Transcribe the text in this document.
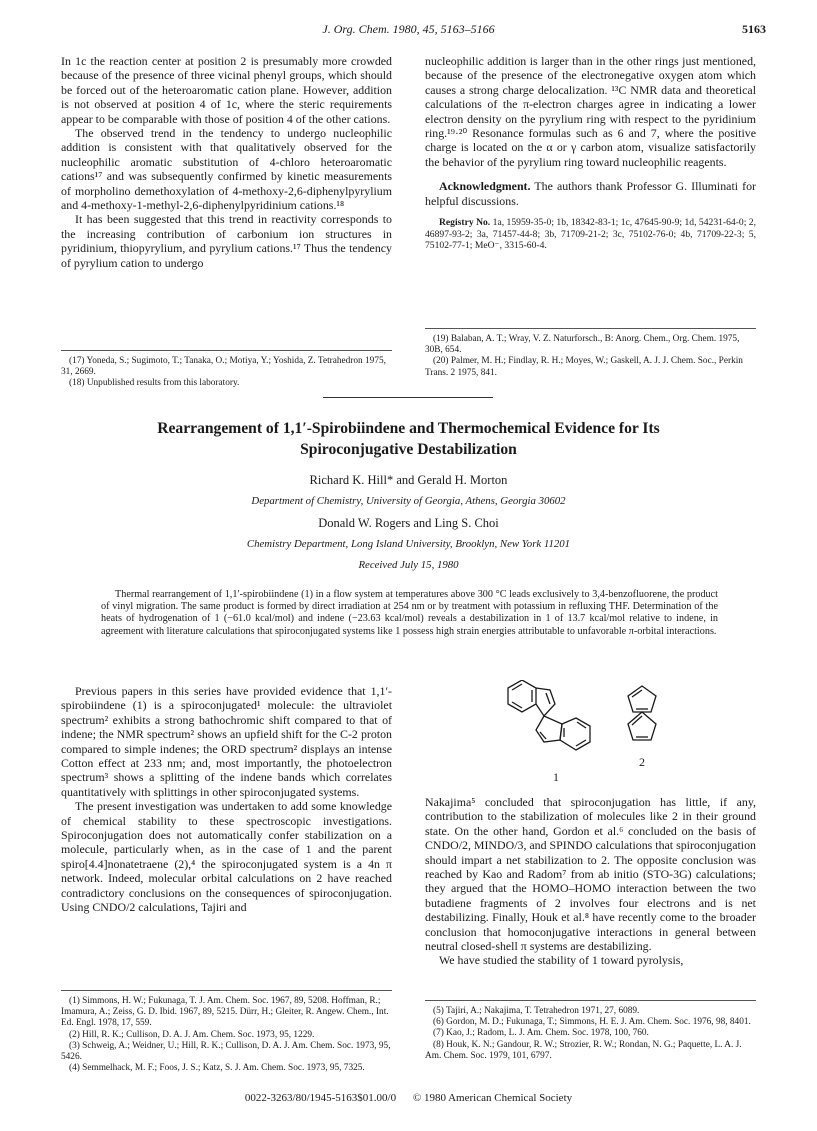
J. Org. Chem. 1980, 45, 5163–5166	5163

In 1c the reaction center at position 2 is presumably more crowded because of the presence of three vicinal phenyl groups, which should be forced out of the heteroaromatic cation plane. However, addition is not observed at position 4 of 1c, where the steric requirements appear to be comparable with those of position 4 of the other cations.

The observed trend in the tendency to undergo nucleophilic addition is consistent with that qualitatively observed for the nucleophilic aromatic substitution of 4-chloro heteroaromatic cations¹⁷ and was subsequently confirmed by kinetic measurements of morpholino demethoxylation of 4-methoxy-2,6-diphenylpyrylium and 4-methoxy-1-methyl-2,6-diphenylpyridinium cations.¹⁸

It has been suggested that this trend in reactivity corresponds to the increasing contribution of carbonium ion structures in pyridinium, thiopyrylium, and pyrylium cations.¹⁷ Thus the tendency of pyrylium cation to undergo

(17) Yoneda, S.; Sugimoto, T.; Tanaka, O.; Motiya, Y.; Yoshida, Z. Tetrahedron 1975, 31, 2669.
(18) Unpublished results from this laboratory.

nucleophilic addition is larger than in the other rings just mentioned, because of the presence of the electronegative oxygen atom which causes a strong charge delocalization. ¹³C NMR data and theoretical calculations of the π-electron charges agree in indicating a lower electron density on the pyrylium ring with respect to the pyridinium ring.¹⁹·²⁰ Resonance formulas such as 6 and 7, where the positive charge is located on the α or γ carbon atom, visualize satisfactorily the behavior of the pyrylium ring toward nucleophilic reagents.

Acknowledgment. The authors thank Professor G. Illuminati for helpful discussions.
Registry No. 1a, 15959-35-0; 1b, 18342-83-1; 1c, 47645-90-9; 1d, 54231-64-0; 2, 46897-93-2; 3a, 71457-44-8; 3b, 71709-21-2; 3c, 75102-76-0; 4b, 71709-22-3; 5, 75102-77-1; MeO⁻, 3315-60-4.
(19) Balaban, A. T.; Wray, V. Z. Naturforsch., B: Anorg. Chem., Org. Chem. 1975, 30B, 654.
(20) Palmer, M. H.; Findlay, R. H.; Moyes, W.; Gaskell, A. J. J. Chem. Soc., Perkin Trans. 2 1975, 841.
Rearrangement of 1,1′-Spirobiindene and Thermochemical Evidence for Its
Spiroconjugative Destabilization
Richard K. Hill* and Gerald H. Morton
Department of Chemistry, University of Georgia, Athens, Georgia 30602
Donald W. Rogers and Ling S. Choi
Chemistry Department, Long Island University, Brooklyn, New York 11201
Received July 15, 1980
Thermal rearrangement of 1,1′-spirobiindene (1) in a flow system at temperatures above 300 °C leads exclusively to 3,4-benzofluorene, the product of vinyl migration. The same product is formed by direct irradiation at 254 nm or by treatment with potassium in refluxing THF. Determination of the heats of hydrogenation of 1 (−61.0 kcal/mol) and indene (−23.63 kcal/mol) reveals a destabilization in 1 of 13.7 kcal/mol relative to indene, in agreement with literature calculations that spiroconjugated systems like 1 possess high strain energies attributable to unfavorable π-orbital interactions.

Previous papers in this series have provided evidence that 1,1′-spirobiindene (1) is a spiroconjugated¹ molecule: the ultraviolet spectrum² exhibits a strong bathochromic shift compared to that of indene; the NMR spectrum² shows an upfield shift for the C-2 proton compared to simple indenes; the ORD spectrum² displays an intense Cotton effect at 233 nm; and, most importantly, the photoelectron spectrum³ shows a splitting of the indene bands which correlates quantitatively with splittings in other spiroconjugated systems.

The present investigation was undertaken to add some knowledge of chemical stability to these spectroscopic investigations. Spiroconjugation does not automatically confer stabilization on a molecule, particularly when, as in the case of 1 and the parent spiro[4.4]nonatetraene (2),⁴ the spiroconjugated system is a 4n π network. Indeed, molecular orbital calculations on 2 have reached contradictory conclusions on the consequences of spiroconjugation. Using CNDO/2 calculations, Tajiri and

(1) Simmons, H. W.; Fukunaga, T. J. Am. Chem. Soc. 1967, 89, 5208. Hoffman, R.; Imamura, A.; Zeiss, G. D. Ibid. 1967, 89, 5215. Dürr, H.; Gleiter, R. Angew. Chem., Int. Ed. Engl. 1978, 17, 559.
(2) Hill, R. K.; Cullison, D. A. J. Am. Chem. Soc. 1973, 95, 1229.
(3) Schweig, A.; Weidner, U.; Hill, R. K.; Cullison, D. A. J. Am. Chem. Soc. 1973, 95, 5426.
(4) Semmelhack, M. F.; Foos, J. S.; Katz, S. J. Am. Chem. Soc. 1973, 95, 7325.
1
2

Nakajima⁵ concluded that spiroconjugation has little, if any, contribution to the stabilization of molecules like 2 in their ground state. On the other hand, Gordon et al.⁶ concluded on the basis of CNDO/2, MINDO/3, and SPINDO calculations that spiroconjugation should impart a net stabilization to 2. The opposite conclusion was reached by Kao and Radom⁷ from ab initio (STO-3G) calculations; they argued that the HOMO–HOMO interaction between the two butadiene fragments of 2 involves four electrons and is net destabilizing. Finally, Houk et al.⁸ have recently come to the broader conclusion that homoconjugative interactions in general between neutral closed-shell π systems are destabilizing.

We have studied the stability of 1 toward pyrolysis,

(5) Tajiri, A.; Nakajima, T. Tetrahedron 1971, 27, 6089.
(6) Gordon, M. D.; Fukunaga, T.; Simmons, H. E. J. Am. Chem. Soc. 1976, 98, 8401.
(7) Kao, J.; Radom, L. J. Am. Chem. Soc. 1978, 100, 760.
(8) Houk, K. N.; Gandour, R. W.; Strozier, R. W.; Rondan, N. G.; Paquette, L. A. J. Am. Chem. Soc. 1979, 101, 6797.
0022-3263/80/1945-5163$01.00/0 © 1980 American Chemical Society
